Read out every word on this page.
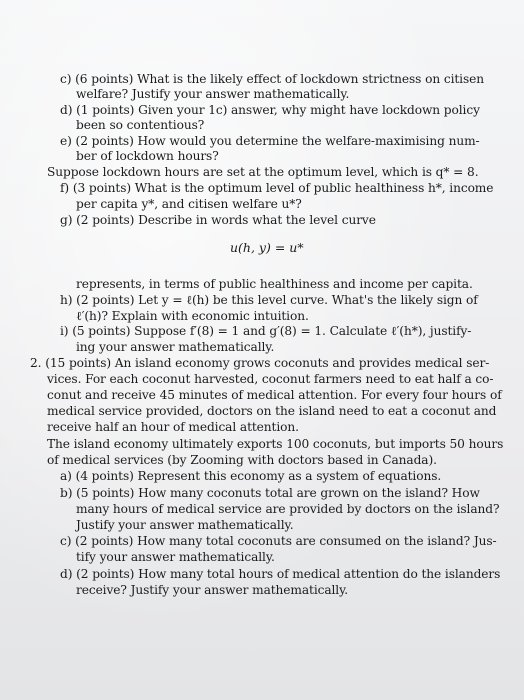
c) (6 points) What is the likely effect of lockdown strictness on citisen
welfare? Justify your answer mathematically.
d) (1 points) Given your 1c) answer, why might have lockdown policy
been so contentious?
e) (2 points) How would you determine the welfare-maximising num-
ber of lockdown hours?
Suppose lockdown hours are set at the optimum level, which is q* = 8.
f) (3 points) What is the optimum level of public healthiness h*, income
per capita y*, and citisen welfare u*?
g) (2 points) Describe in words what the level curve
u(h, y) = u*
represents, in terms of public healthiness and income per capita.
h) (2 points) Let y = ℓ(h) be this level curve. What's the likely sign of
ℓ′(h)? Explain with economic intuition.
i) (5 points) Suppose f′(8) = 1 and g′(8) = 1. Calculate ℓ′(h*), justify-
ing your answer mathematically.
2. (15 points) An island economy grows coconuts and provides medical ser-
vices. For each coconut harvested, coconut farmers need to eat half a co-
conut and receive 45 minutes of medical attention. For every four hours of
medical service provided, doctors on the island need to eat a coconut and
receive half an hour of medical attention.
The island economy ultimately exports 100 coconuts, but imports 50 hours
of medical services (by Zooming with doctors based in Canada).
a) (4 points) Represent this economy as a system of equations.
b) (5 points) How many coconuts total are grown on the island? How
many hours of medical service are provided by doctors on the island?
Justify your answer mathematically.
c) (2 points) How many total coconuts are consumed on the island? Jus-
tify your answer mathematically.
d) (2 points) How many total hours of medical attention do the islanders
receive? Justify your answer mathematically.
